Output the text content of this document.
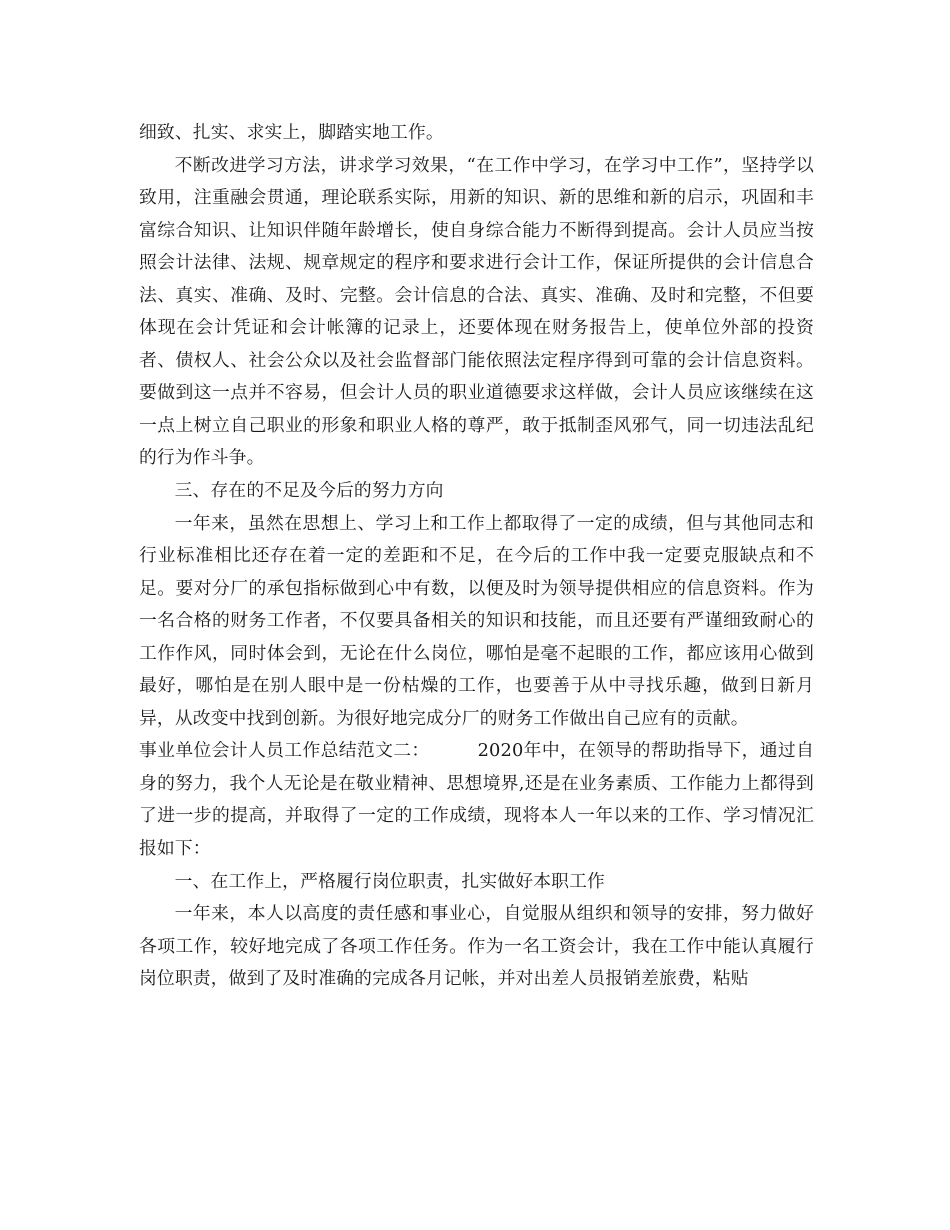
细致、扎实、求实上，脚踏实地工作。

不断改进学习方法，讲求学习效果，“在工作中学习，在学习中工作”，坚持学以致用，注重融会贯通，理论联系实际，用新的知识、新的思维和新的启示，巩固和丰富综合知识、让知识伴随年龄增长，使自身综合能力不断得到提高。会计人员应当按照会计法律、法规、规章规定的程序和要求进行会计工作，保证所提供的会计信息合法、真实、准确、及时、完整。会计信息的合法、真实、准确、及时和完整，不但要体现在会计凭证和会计帐簿的记录上，还要体现在财务报告上，使单位外部的投资者、债权人、社会公众以及社会监督部门能依照法定程序得到可靠的会计信息资料。要做到这一点并不容易，但会计人员的职业道德要求这样做，会计人员应该继续在这一点上树立自己职业的形象和职业人格的尊严，敢于抵制歪风邪气，同一切违法乱纪的行为作斗争。

三、存在的不足及今后的努力方向

一年来，虽然在思想上、学习上和工作上都取得了一定的成绩，但与其他同志和行业标准相比还存在着一定的差距和不足，在今后的工作中我一定要克服缺点和不足。要对分厂的承包指标做到心中有数，以便及时为领导提供相应的信息资料。作为一名合格的财务工作者，不仅要具备相关的知识和技能，而且还要有严谨细致耐心的工作作风，同时体会到，无论在什么岗位，哪怕是毫不起眼的工作，都应该用心做到最好，哪怕是在别人眼中是一份枯燥的工作，也要善于从中寻找乐趣，做到日新月异，从改变中找到创新。为很好地完成分厂的财务工作做出自己应有的贡献。

事业单位会计人员工作总结范文二：	2020年中，在领导的帮助指导下，通过自身的努力，我个人无论是在敬业精神、思想境界,还是在业务素质、工作能力上都得到了进一步的提高，并取得了一定的工作成绩，现将本人一年以来的工作、学习情况汇报如下：

一、在工作上，严格履行岗位职责，扎实做好本职工作

一年来，本人以高度的责任感和事业心，自觉服从组织和领导的安排，努力做好各项工作，较好地完成了各项工作任务。作为一名工资会计，我在工作中能认真履行岗位职责，做到了及时准确的完成各月记帐，并对出差人员报销差旅费，粘贴
